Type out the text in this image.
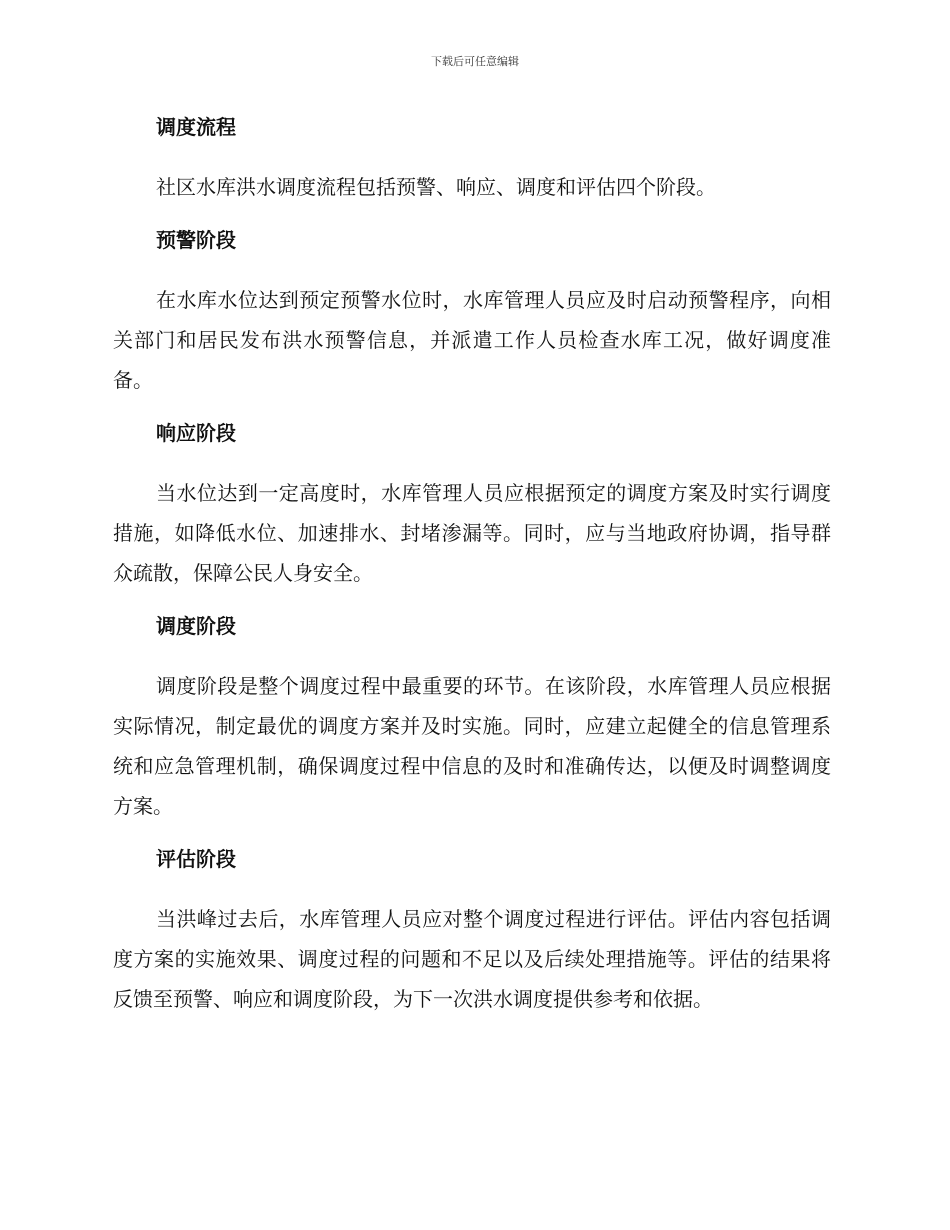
下载后可任意编辑
调度流程

社区水库洪水调度流程包括预警、响应、调度和评估四个阶段。

预警阶段

在水库水位达到预定预警水位时，水库管理人员应及时启动预警程序，向相关部门和居民发布洪水预警信息，并派遣工作人员检查水库工况，做好调度准备。

响应阶段

当水位达到一定高度时，水库管理人员应根据预定的调度方案及时实行调度措施，如降低水位、加速排水、封堵渗漏等。同时，应与当地政府协调，指导群众疏散，保障公民人身安全。

调度阶段

调度阶段是整个调度过程中最重要的环节。在该阶段，水库管理人员应根据实际情况，制定最优的调度方案并及时实施。同时，应建立起健全的信息管理系统和应急管理机制，确保调度过程中信息的及时和准确传达，以便及时调整调度方案。

评估阶段

当洪峰过去后，水库管理人员应对整个调度过程进行评估。评估内容包括调度方案的实施效果、调度过程的问题和不足以及后续处理措施等。评估的结果将反馈至预警、响应和调度阶段，为下一次洪水调度提供参考和依据。
